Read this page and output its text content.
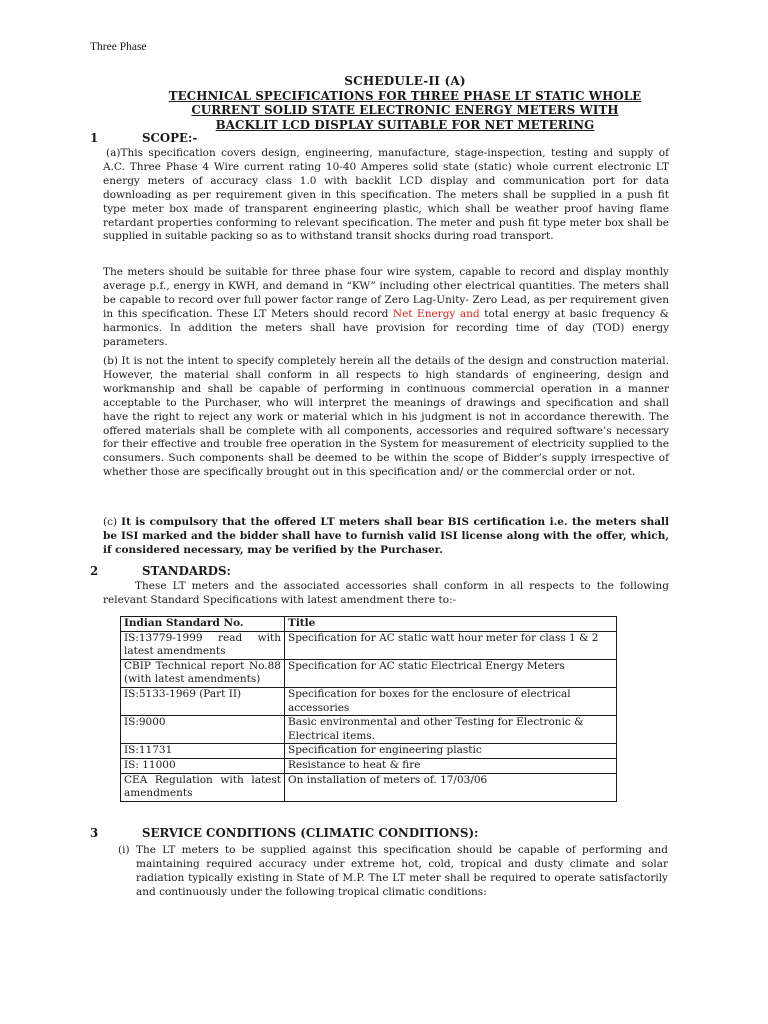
Three Phase
SCHEDULE-II (A)
TECHNICAL SPECIFICATIONS FOR THREE PHASE LT STATIC WHOLE
CURRENT SOLID STATE ELECTRONIC ENERGY METERS WITH
BACKLIT LCD DISPLAY SUITABLE FOR NET METERING
1	SCOPE:-
(a)This specification covers design, engineering, manufacture, stage-inspection, testing and supply of A.C. Three Phase 4 Wire current rating 10-40 Amperes solid state (static) whole current electronic LT energy meters of accuracy class 1.0 with backlit LCD display and communication port for data downloading as per requirement given in this specification. The meters shall be supplied in a push fit type meter box made of transparent engineering plastic, which shall be weather proof having flame retardant properties conforming to relevant specification. The meter and push fit type meter box shall be supplied in suitable packing so as to withstand transit shocks during road transport.
The meters should be suitable for three phase four wire system, capable to record and display monthly average p.f., energy in KWH, and demand in “KW” including other electrical quantities. The meters shall be capable to record over full power factor range of Zero Lag-Unity- Zero Lead, as per requirement given in this specification. These LT Meters should record Net Energy and total energy at basic frequency & harmonics. In addition the meters shall have provision for recording time of day (TOD) energy parameters.
(b) It is not the intent to specify completely herein all the details of the design and construction material. However, the material shall conform in all respects to high standards of engineering, design and workmanship and shall be capable of performing in continuous commercial operation in a manner acceptable to the Purchaser, who will interpret the meanings of drawings and specification and shall have the right to reject any work or material which in his judgment is not in accordance therewith. The offered materials shall be complete with all components, accessories and required software’s necessary for their effective and trouble free operation in the System for measurement of electricity supplied to the consumers. Such components shall be deemed to be within the scope of Bidder’s supply irrespective of whether those are specifically brought out in this specification and/ or the commercial order or not.
(c) It is compulsory that the offered LT meters shall bear BIS certification i.e. the meters shall be ISI marked and the bidder shall have to furnish valid ISI license along with the offer, which, if considered necessary, may be verified by the Purchaser.
2	STANDARDS:
These LT meters and the associated accessories shall conform in all respects to the following relevant Standard Specifications with latest amendment there to:-
Indian Standard No.	Title
IS:13779-1999 read with latest amendments	Specification for AC static watt hour meter for class 1 & 2
CBIP Technical report No.88 (with latest amendments)	Specification for AC static Electrical Energy Meters
IS:5133-1969 (Part II)	Specification for boxes for the enclosure of electrical accessories
IS:9000	Basic environmental and other Testing for Electronic & Electrical items.
IS:11731	Specification for engineering plastic
IS: 11000	Resistance to heat & fire
CEA Regulation with latest amendments	On installation of meters of. 17/03/06
3	SERVICE CONDITIONS (CLIMATIC CONDITIONS):
(i) The LT meters to be supplied against this specification should be capable of performing and maintaining required accuracy under extreme hot, cold, tropical and dusty climate and solar radiation typically existing in State of M.P. The LT meter shall be required to operate satisfactorily and continuously under the following tropical climatic conditions:
